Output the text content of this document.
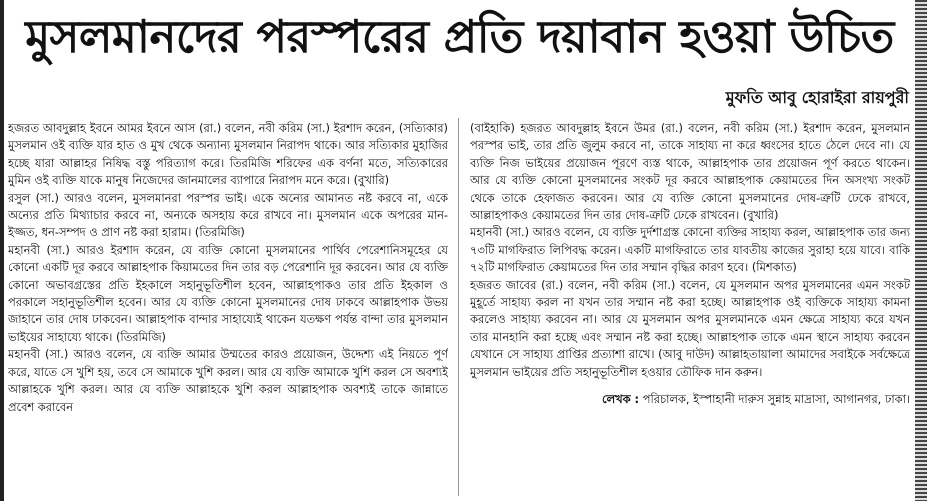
মুসলমানদের পরস্পরের প্রতি দয়াবান হওয়া উচিত
মুফতি আবু হোরাইরা রায়পুরী

হজরত আবদুল্লাহ ইবনে আমর ইবনে আস (রা.) বলেন, নবী করিম (সা.) ইরশাদ করেন, (সত্যিকার) মুসলমান ওই ব্যক্তি যার হাত ও মুখ থেকে অন্যান্য মুসলমান নিরাপদ থাকে। আর সত্যিকার মুহাজির হচ্ছে যারা আল্লাহর নিষিদ্ধ বস্তু পরিত্যাগ করে। তিরমিজি শরিফের এক বর্ণনা মতে, সত্যিকারের মুমিন ওই ব্যক্তি যাকে মানুষ নিজেদের জানমালের ব্যাপারে নিরাপদ মনে করে। (বুখারি)

রসুল (সা.) আরও বলেন, মুসলমানরা পরস্পর ভাই। একে অন্যের আমানত নষ্ট করবে না, একে অন্যের প্রতি মিথ্যাচার করবে না, অন্যকে অসহায় করে রাখবে না। মুসলমান একে অপরের মান-ইজ্জত, ধন-সম্পদ ও প্রাণ নষ্ট করা হারাম। (তিরমিজি)

মহানবী (সা.) আরও ইরশাদ করেন, যে ব্যক্তি কোনো মুসলমানের পার্থিব পেরেশানিসমূহের যে কোনো একটি দূর করবে আল্লাহপাক কিয়ামতের দিন তার বড় পেরেশানি দূর করবেন। আর যে ব্যক্তি কোনো অভাবগ্রস্তের প্রতি ইহকালে সহানুভূতিশীল হবেন, আল্লাহপাকও তার প্রতি ইহকাল ও পরকালে সহানুভূতিশীল হবেন। আর যে ব্যক্তি কোনো মুসলমানের দোষ ঢাকবে আল্লাহপাক উভয় জাহানে তার দোষ ঢাকবেন। আল্লাহপাক বান্দার সাহায্যেই থাকেন যতক্ষণ পর্যন্ত বান্দা তার মুসলমান ভাইয়ের সাহায্যে থাকে। (তিরমিজি)

মহানবী (সা.) আরও বলেন, যে ব্যক্তি আমার উম্মতের কারও প্রয়োজন, উদ্দেশ্য এই নিয়তে পূর্ণ করে, যাতে সে খুশি হয়, তবে সে আমাকে খুশি করল। আর যে ব্যক্তি আমাকে খুশি করল সে অবশ্যই আল্লাহকে খুশি করল। আর যে ব্যক্তি আল্লাহকে খুশি করল আল্লাহপাক অবশ্যই তাকে জান্নাতে প্রবেশ করাবেন

(বাইহাকি) হজরত আবদুল্লাহ ইবনে উমর (রা.) বলেন, নবী করিম (সা.) ইরশাদ করেন, মুসলমান পরস্পর ভাই, তার প্রতি জুলুম করবে না, তাকে সাহায্য না করে ধ্বংসের হাতে ঠেলে দেবে না। যে ব্যক্তি নিজ ভাইয়ের প্রয়োজন পূরণে ব্যস্ত থাকে, আল্লাহপাক তার প্রয়োজন পূর্ণ করতে থাকেন। আর যে ব্যক্তি কোনো মুসলমানের সংকট দূর করবে আল্লাহপাক কেয়ামতের দিন অসংখ্য সংকট থেকে তাকে হেফাজত করবেন। আর যে ব্যক্তি কোনো মুসলমানের দোষ-ত্রুটি ঢেকে রাখবে, আল্লাহপাকও কেয়ামতের দিন তার দোষ-ত্রুটি ঢেকে রাখবেন। (বুখারি)

মহানবী (সা.) আরও বলেন, যে ব্যক্তি দুর্দশাগ্রস্ত কোনো ব্যক্তির সাহায্য করল, আল্লাহপাক তার জন্য ৭৩টি মাগফিরাত লিপিবদ্ধ করেন। একটি মাগফিরাতে তার যাবতীয় কাজের সুরাহা হয়ে যাবে। বাকি ৭২টি মাগফিরাত কেয়ামতের দিন তার সম্মান বৃদ্ধির কারণ হবে। (মিশকাত)

হজরত জাবের (রা.) বলেন, নবী করিম (সা.) বলেন, যে মুসলমান অপর মুসলমানের এমন সংকট মুহূর্তে সাহায্য করল না যখন তার সম্মান নষ্ট করা হচ্ছে। আল্লাহপাক ওই ব্যক্তিকে সাহায্য কামনা করলেও সাহায্য করবেন না। আর যে মুসলমান অপর মুসলমানকে এমন ক্ষেত্রে সাহায্য করে যখন তার মানহানি করা হচ্ছে এবং সম্মান নষ্ট করা হচ্ছে। আল্লাহপাক তাকে এমন স্থানে সাহায্য করবেন যেখানে সে সাহায্য প্রাপ্তির প্রত্যাশা রাখে। (আবু দাউদ) আল্লাহতায়ালা আমাদের সবাইকে সর্বক্ষেত্রে মুসলমান ভাইয়ের প্রতি সহানুভূতিশীল হওয়ার তৌফিক দান করুন।

লেখক : পরিচালক, ইস্পাহানী দারুস সুন্নাহ মাদ্রাসা, আগানগর, ঢাকা।
